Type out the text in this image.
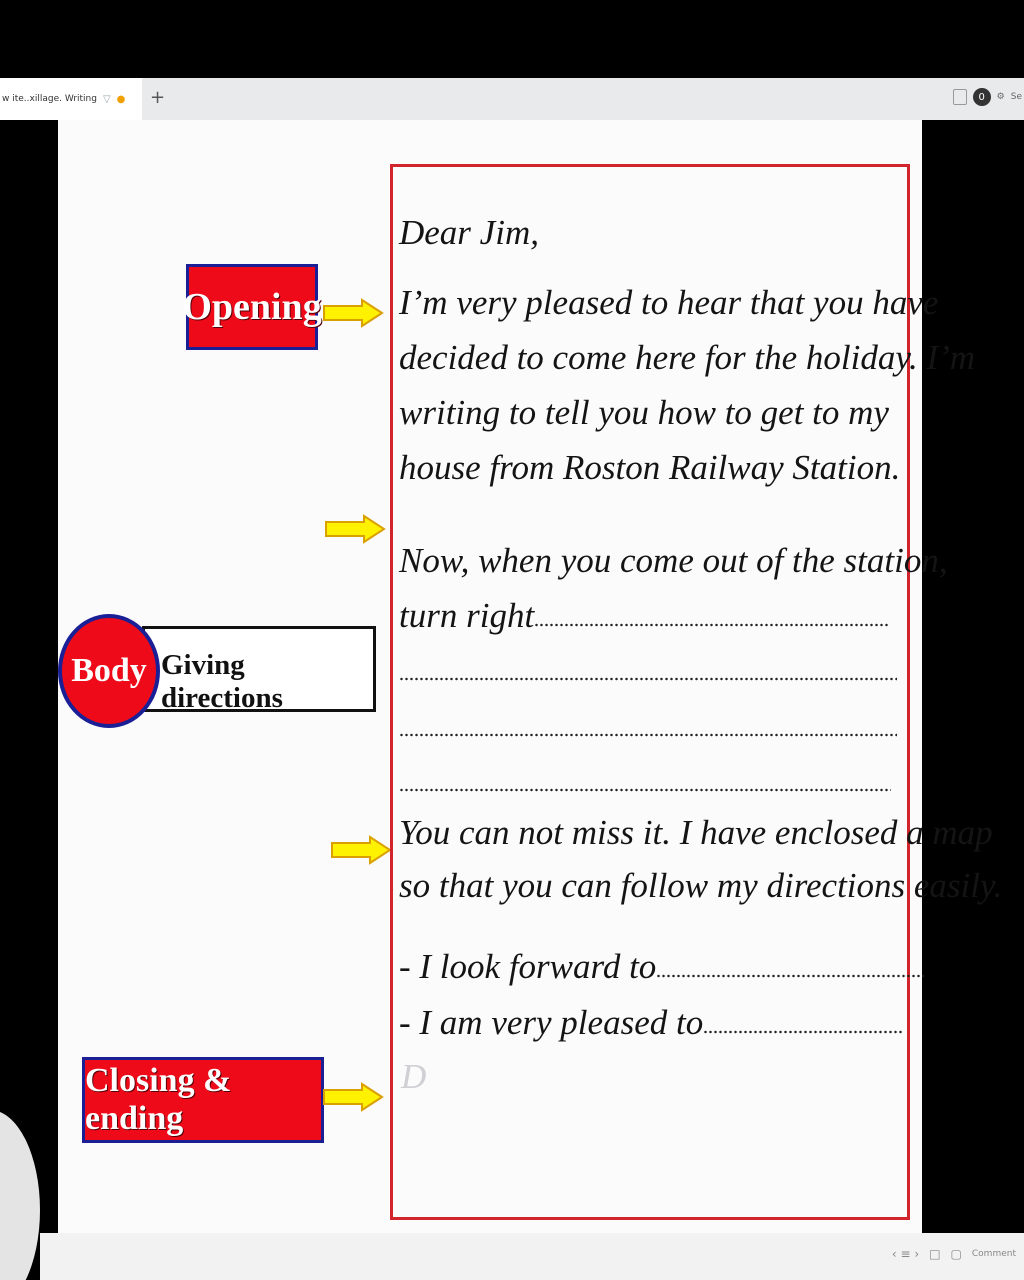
w ite..xillage. Writing ▽ ● +	0	⚙ Se
Opening
Giving directions
Body
Closing & ending
Dear Jim,
I’m very pleased to hear that you have
decided to come here for the holiday. I’m
writing to tell you how to get to my
house from Roston Railway Station.
Now, when you come out of the station,
turn right
You can not miss it. I have enclosed a map
so that you can follow my directions easily.
- I look forward to
- I am very pleased to
D
‹ ≡ › □ ▢ Comment
